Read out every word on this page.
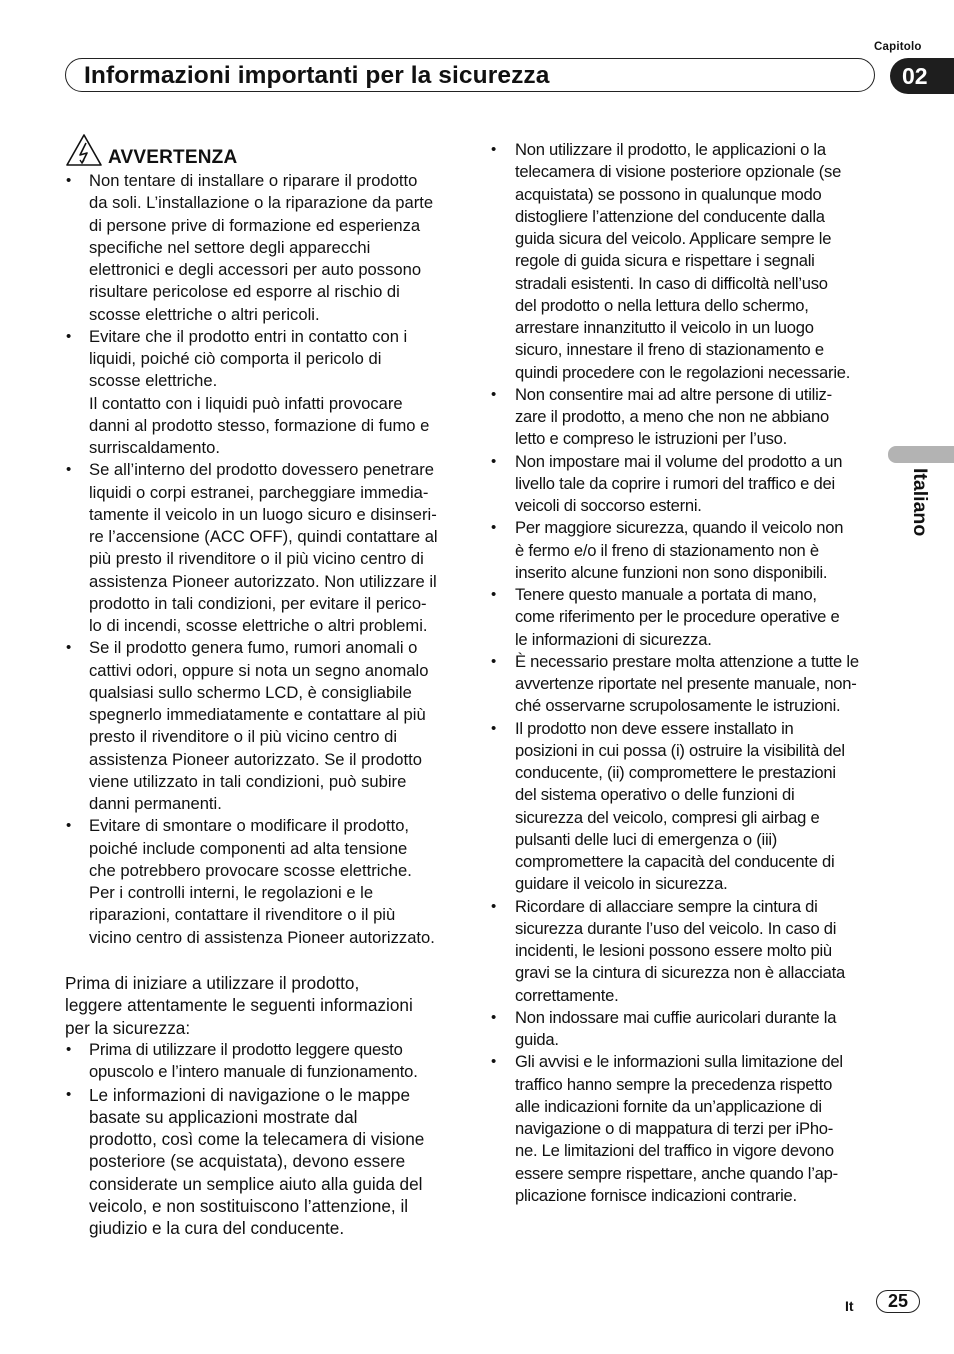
Capitolo
Informazioni importanti per la sicurezza	02
Italiano
AVVERTENZA
• Non tentare di installare o riparare il prodotto
da soli. L’installazione o la riparazione da parte
di persone prive di formazione ed esperienza
specifiche nel settore degli apparecchi
elettronici e degli accessori per auto possono
risultare pericolose ed esporre al rischio di
scosse elettriche o altri pericoli.
• Evitare che il prodotto entri in contatto con i
liquidi, poiché ciò comporta il pericolo di
scosse elettriche.
Il contatto con i liquidi può infatti provocare
danni al prodotto stesso, formazione di fumo e
surriscaldamento.
• Se all’interno del prodotto dovessero penetrare
liquidi o corpi estranei, parcheggiare immedia-
tamente il veicolo in un luogo sicuro e disinseri-
re l’accensione (ACC OFF), quindi contattare al
più presto il rivenditore o il più vicino centro di
assistenza Pioneer autorizzato. Non utilizzare il
prodotto in tali condizioni, per evitare il perico-
lo di incendi, scosse elettriche o altri problemi.
• Se il prodotto genera fumo, rumori anomali o
cattivi odori, oppure si nota un segno anomalo
qualsiasi sullo schermo LCD, è consigliabile
spegnerlo immediatamente e contattare al più
presto il rivenditore o il più vicino centro di
assistenza Pioneer autorizzato. Se il prodotto
viene utilizzato in tali condizioni, può subire
danni permanenti.
• Evitare di smontare o modificare il prodotto,
poiché include componenti ad alta tensione
che potrebbero provocare scosse elettriche.
Per i controlli interni, le regolazioni e le
riparazioni, contattare il rivenditore o il più
vicino centro di assistenza Pioneer autorizzato.

Prima di iniziare a utilizzare il prodotto,
leggere attentamente le seguenti informazioni
per la sicurezza:

• Prima di utilizzare il prodotto leggere questo
opuscolo e l’intero manuale di funzionamento.
• Le informazioni di navigazione o le mappe
basate su applicazioni mostrate dal
prodotto, così come la telecamera di visione
posteriore (se acquistata), devono essere
considerate un semplice aiuto alla guida del
veicolo, e non sostituiscono l’attenzione, il
giudizio e la cura del conducente.
• Non utilizzare il prodotto, le applicazioni o la
telecamera di visione posteriore opzionale (se
acquistata) se possono in qualunque modo
distogliere l’attenzione del conducente dalla
guida sicura del veicolo. Applicare sempre le
regole di guida sicura e rispettare i segnali
stradali esistenti. In caso di difficoltà nell’uso
del prodotto o nella lettura dello schermo,
arrestare innanzitutto il veicolo in un luogo
sicuro, innestare il freno di stazionamento e
quindi procedere con le regolazioni necessarie.
• Non consentire mai ad altre persone di utiliz-
zare il prodotto, a meno che non ne abbiano
letto e compreso le istruzioni per l’uso.
• Non impostare mai il volume del prodotto a un
livello tale da coprire i rumori del traffico e dei
veicoli di soccorso esterni.
• Per maggiore sicurezza, quando il veicolo non
è fermo e/o il freno di stazionamento non è
inserito alcune funzioni non sono disponibili.
• Tenere questo manuale a portata di mano,
come riferimento per le procedure operative e
le informazioni di sicurezza.
• È necessario prestare molta attenzione a tutte le
avvertenze riportate nel presente manuale, non-
ché osservarne scrupolosamente le istruzioni.
• Il prodotto non deve essere installato in
posizioni in cui possa (i) ostruire la visibilità del
conducente, (ii) compromettere le prestazioni
del sistema operativo o delle funzioni di
sicurezza del veicolo, compresi gli airbag e
pulsanti delle luci di emergenza o (iii)
compromettere la capacità del conducente di
guidare il veicolo in sicurezza.
• Ricordare di allacciare sempre la cintura di
sicurezza durante l’uso del veicolo. In caso di
incidenti, le lesioni possono essere molto più
gravi se la cintura di sicurezza non è allacciata
correttamente.
• Non indossare mai cuffie auricolari durante la
guida.
• Gli avvisi e le informazioni sulla limitazione del
traffico hanno sempre la precedenza rispetto
alle indicazioni fornite da un’applicazione di
navigazione o di mappatura di terzi per iPho-
ne. Le limitazioni del traffico in vigore devono
essere sempre rispettare, anche quando l’ap-
plicazione fornisce indicazioni contrarie.
It	25
